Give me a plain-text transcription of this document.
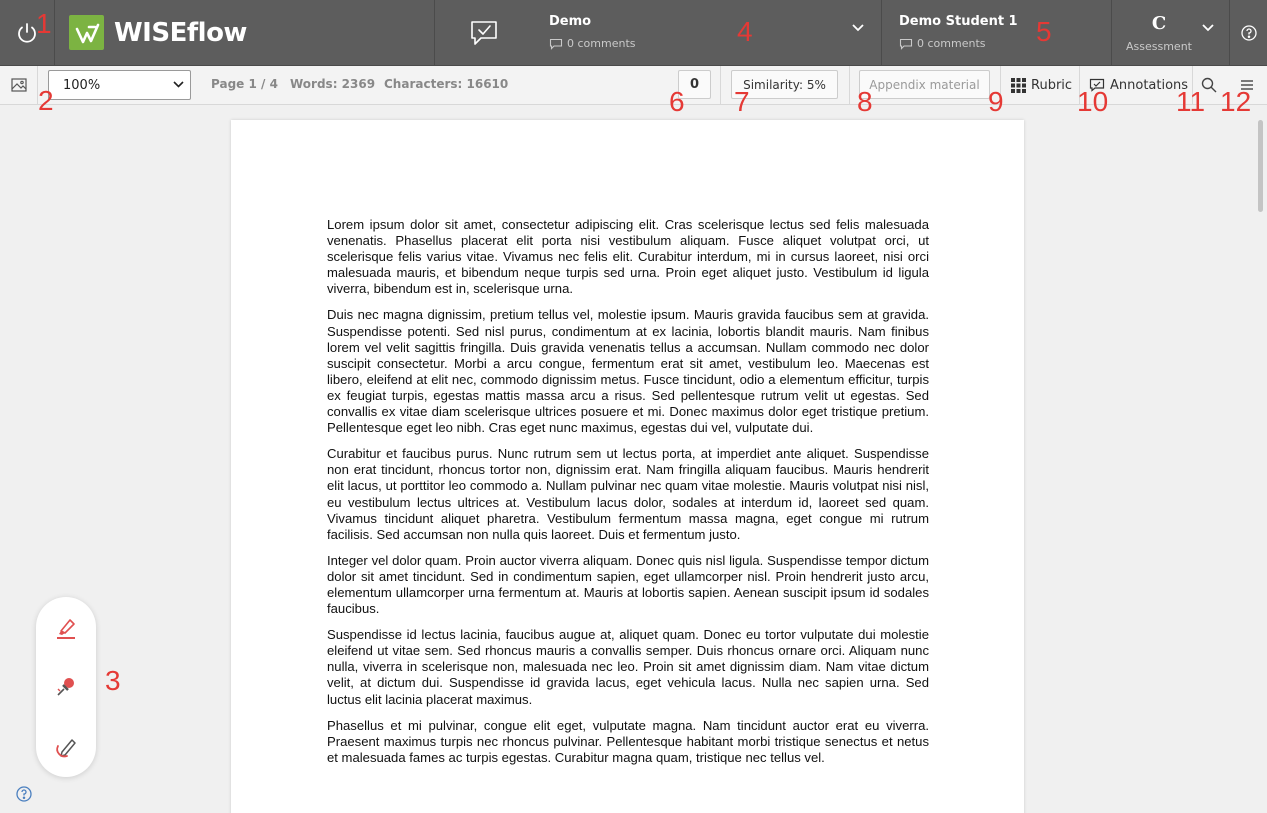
WISEflow	Demo
0 comments
Demo Student 1
0 comments
C
Assessment
100%	Page 1 / 4 Words: 2369 Characters: 16610	0	Similarity: 5%	Appendix material	Rubric	Annotations

Lorem ipsum dolor sit amet, consectetur adipiscing elit. Cras scelerisque lectus sed felis malesuada venenatis. Phasellus placerat elit porta nisi vestibulum aliquam. Fusce aliquet volutpat orci, ut scelerisque felis varius vitae. Vivamus nec felis elit. Curabitur interdum, mi in cursus laoreet, nisi orci malesuada mauris, et bibendum neque turpis sed urna. Proin eget aliquet justo. Vestibulum id ligula viverra, bibendum est in, scelerisque urna.

Duis nec magna dignissim, pretium tellus vel, molestie ipsum. Mauris gravida faucibus sem at gravida. Suspendisse potenti. Sed nisl purus, condimentum at ex lacinia, lobortis blandit mauris. Nam finibus lorem vel velit sagittis fringilla. Duis gravida venenatis tellus a accumsan. Nullam commodo nec dolor suscipit consectetur. Morbi a arcu congue, fermentum erat sit amet, vestibulum leo. Maecenas est libero, eleifend at elit nec, commodo dignissim metus. Fusce tincidunt, odio a elementum efficitur, turpis ex feugiat turpis, egestas mattis massa arcu a risus. Sed pellentesque rutrum velit ut egestas. Sed convallis ex vitae diam scelerisque ultrices posuere et mi. Donec maximus dolor eget tristique pretium. Pellentesque eget leo nibh. Cras eget nunc maximus, egestas dui vel, vulputate dui.

Curabitur et faucibus purus. Nunc rutrum sem ut lectus porta, at imperdiet ante aliquet. Suspendisse non erat tincidunt, rhoncus tortor non, dignissim erat. Nam fringilla aliquam faucibus. Mauris hendrerit elit lacus, ut porttitor leo commodo a. Nullam pulvinar nec quam vitae molestie. Mauris volutpat nisi nisl, eu vestibulum lectus ultrices at. Vestibulum lacus dolor, sodales at interdum id, laoreet sed quam. Vivamus tincidunt aliquet pharetra. Vestibulum fermentum massa magna, eget congue mi rutrum facilisis. Sed accumsan non nulla quis laoreet. Duis et fermentum justo.

Integer vel dolor quam. Proin auctor viverra aliquam. Donec quis nisl ligula. Suspendisse tempor dictum dolor sit amet tincidunt. Sed in condimentum sapien, eget ullamcorper nisl. Proin hendrerit justo arcu, elementum ullamcorper urna fermentum at. Mauris at lobortis sapien. Aenean suscipit ipsum id sodales faucibus.

Suspendisse id lectus lacinia, faucibus augue at, aliquet quam. Donec eu tortor vulputate dui molestie eleifend ut vitae sem. Sed rhoncus mauris a convallis semper. Duis rhoncus ornare orci. Aliquam nunc nulla, viverra in scelerisque non, malesuada nec leo. Proin sit amet dignissim diam. Nam vitae dictum velit, at dictum dui. Suspendisse id gravida lacus, eget vehicula lacus. Nulla nec sapien urna. Sed luctus elit lacinia placerat maximus.

Phasellus et mi pulvinar, congue elit eget, vulputate magna. Nam tincidunt auctor erat eu viverra. Praesent maximus turpis nec rhoncus pulvinar. Pellentesque habitant morbi tristique senectus et netus et malesuada fames ac turpis egestas. Curabitur magna quam, tristique nec tellus vel.

1
2
3
4	5
6 7	8	9	10 11 12
